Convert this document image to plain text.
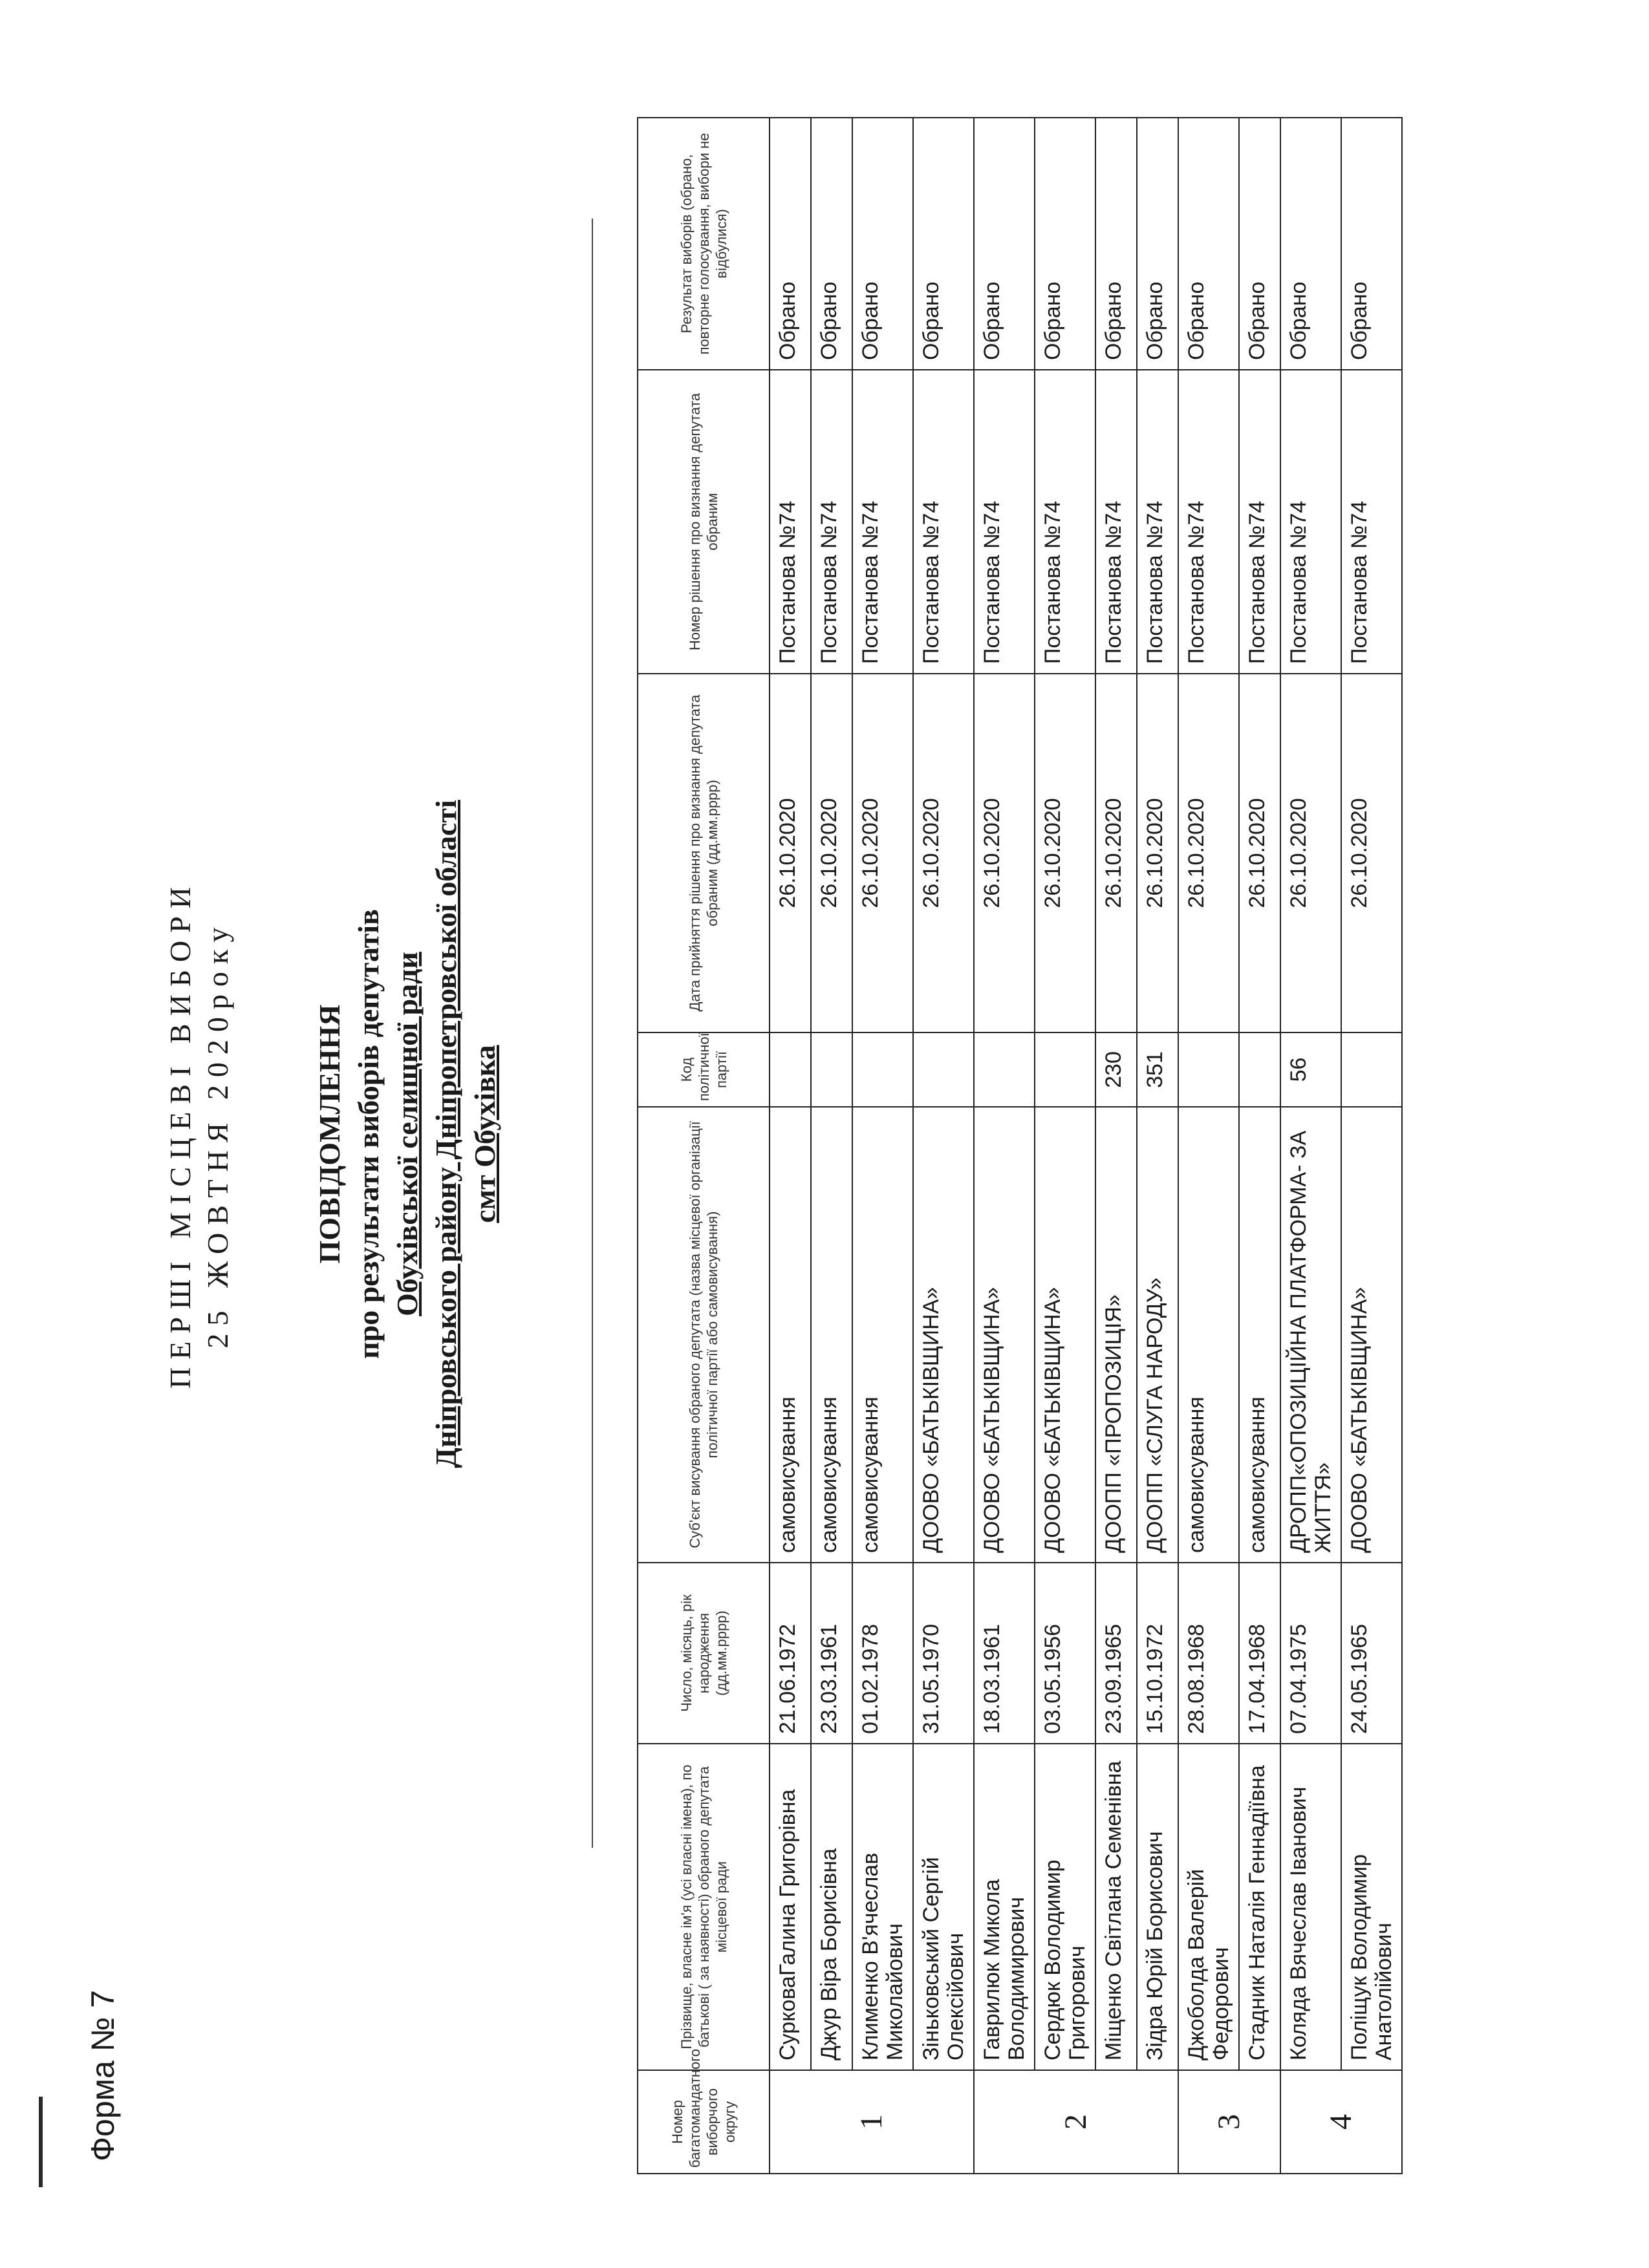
Форма № 7
ПЕРШІ МІСЦЕВІ ВИБОРИ 25 ЖОВТНЯ 2020року	ПОВІДОМЛЕННЯ про результати виборів депутатів Обухівської селищної ради Дніпровського району Дніпропетровської області смт Обухівка
Номер багатомандатного виборчого округу	Прізвище, власне ім'я (усі власні імена), по батькові ( за наявності) обраного депутата місцевої ради	Число, місяць, рік народження (дд.мм.рррр)	Суб'єкт висування обраного депутата (назва місцевої організації політичної партії або самовисування)	Код політичної партії	Дата прийняття рішення про визнання депутата обраним (дд.мм.рррр)	Номер рішення про визнання депутата обраним	Результат виборів (обрано, повторне голосування, вибори не відбулися)
1	СурковаГалина Григорівна	21.06.1972	самовисування		26.10.2020	Постанова №74	Обрано
	Джур Віра Борисівна	23.03.1961	самовисування		26.10.2020	Постанова №74	Обрано
	Клименко В'ячеслав Миколайович	01.02.1978	самовисування		26.10.2020	Постанова №74	Обрано
	Зіньковський Сергій Олексійович	31.05.1970	ДООВО «БАТЬКІВЩИНА»		26.10.2020	Постанова №74	Обрано
2	Гаврилюк Микола Володимирович	18.03.1961	ДООВО «БАТЬКІВЩИНА»		26.10.2020	Постанова №74	Обрано
	Сердюк Володимир Григорович	03.05.1956	ДООВО «БАТЬКІВЩИНА»		26.10.2020	Постанова №74	Обрано
	Міщенко Світлана Семенівна	23.09.1965	ДООПП «ПРОПОЗИЦІЯ»	230	26.10.2020	Постанова №74	Обрано
	Зідра Юрій Борисович	15.10.1972	ДООПП «СЛУГА НАРОДУ»	351	26.10.2020	Постанова №74	Обрано
3	Джоболда Валерій Федорович	28.08.1968	самовисування		26.10.2020	Постанова №74	Обрано
	Стадник Наталія Геннадіївна	17.04.1968	самовисування		26.10.2020	Постанова №74	Обрано
4	Коляда Вячеслав Іванович	07.04.1975	ДРОПП«ОПОЗИЦІЙНА ПЛАТФОРМА- ЗА ЖИТТЯ»	56	26.10.2020	Постанова №74	Обрано
	Поліщук Володимир Анатолійович	24.05.1965	ДООВО «БАТЬКІВЩИНА»		26.10.2020	Постанова №74	Обрано
